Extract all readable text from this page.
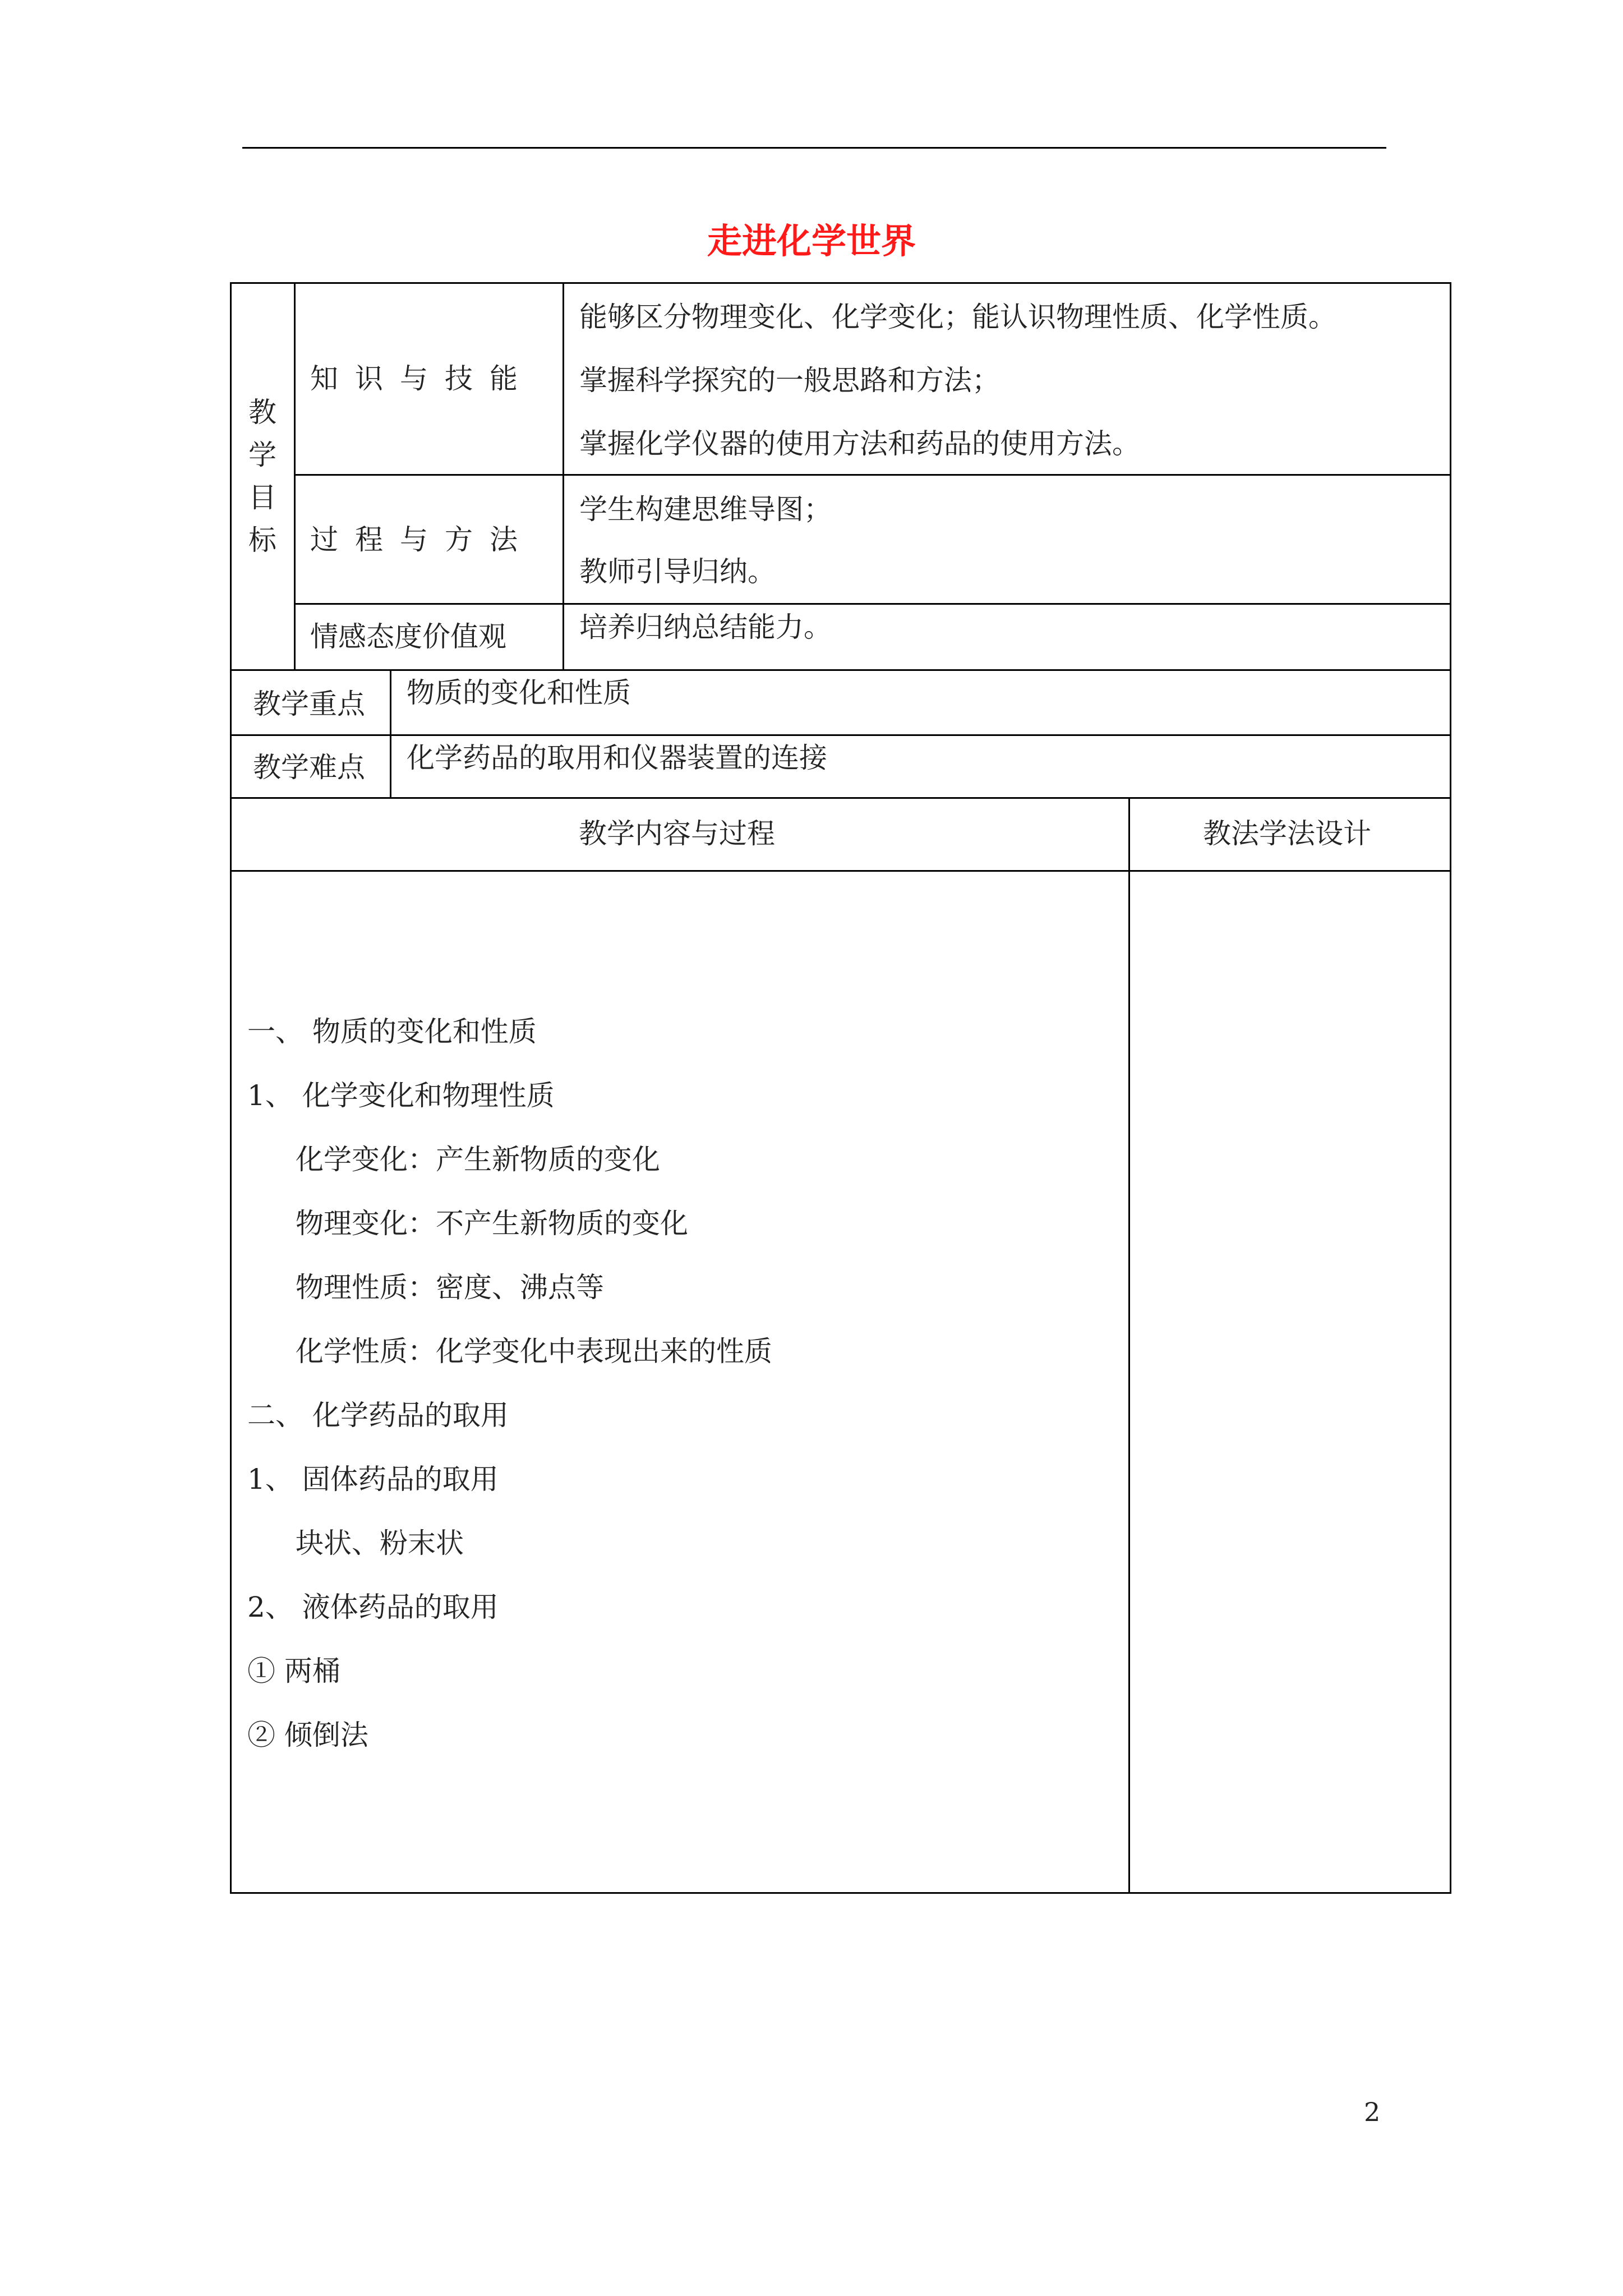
走进化学世界
教学目标
知识与技能
能够区分物理变化、化学变化；能认识物理性质、化学性质。
掌握科学探究的一般思路和方法；
掌握化学仪器的使用方法和药品的使用方法。
过程与方法
学生构建思维导图；
教师引导归纳。
情感态度价值观	培养归纳总结能力。
教学重点 物质的变化和性质
教学难点 化学药品的取用和仪器装置的连接
教学内容与过程	教法学法设计
一、 物质的变化和性质
1、 化学变化和物理性质
化学变化：产生新物质的变化
物理变化：不产生新物质的变化
物理性质：密度、沸点等
化学性质：化学变化中表现出来的性质
二、 化学药品的取用
1、 固体药品的取用
块状、粉末状
2、 液体药品的取用
① 两桶
② 倾倒法
2
